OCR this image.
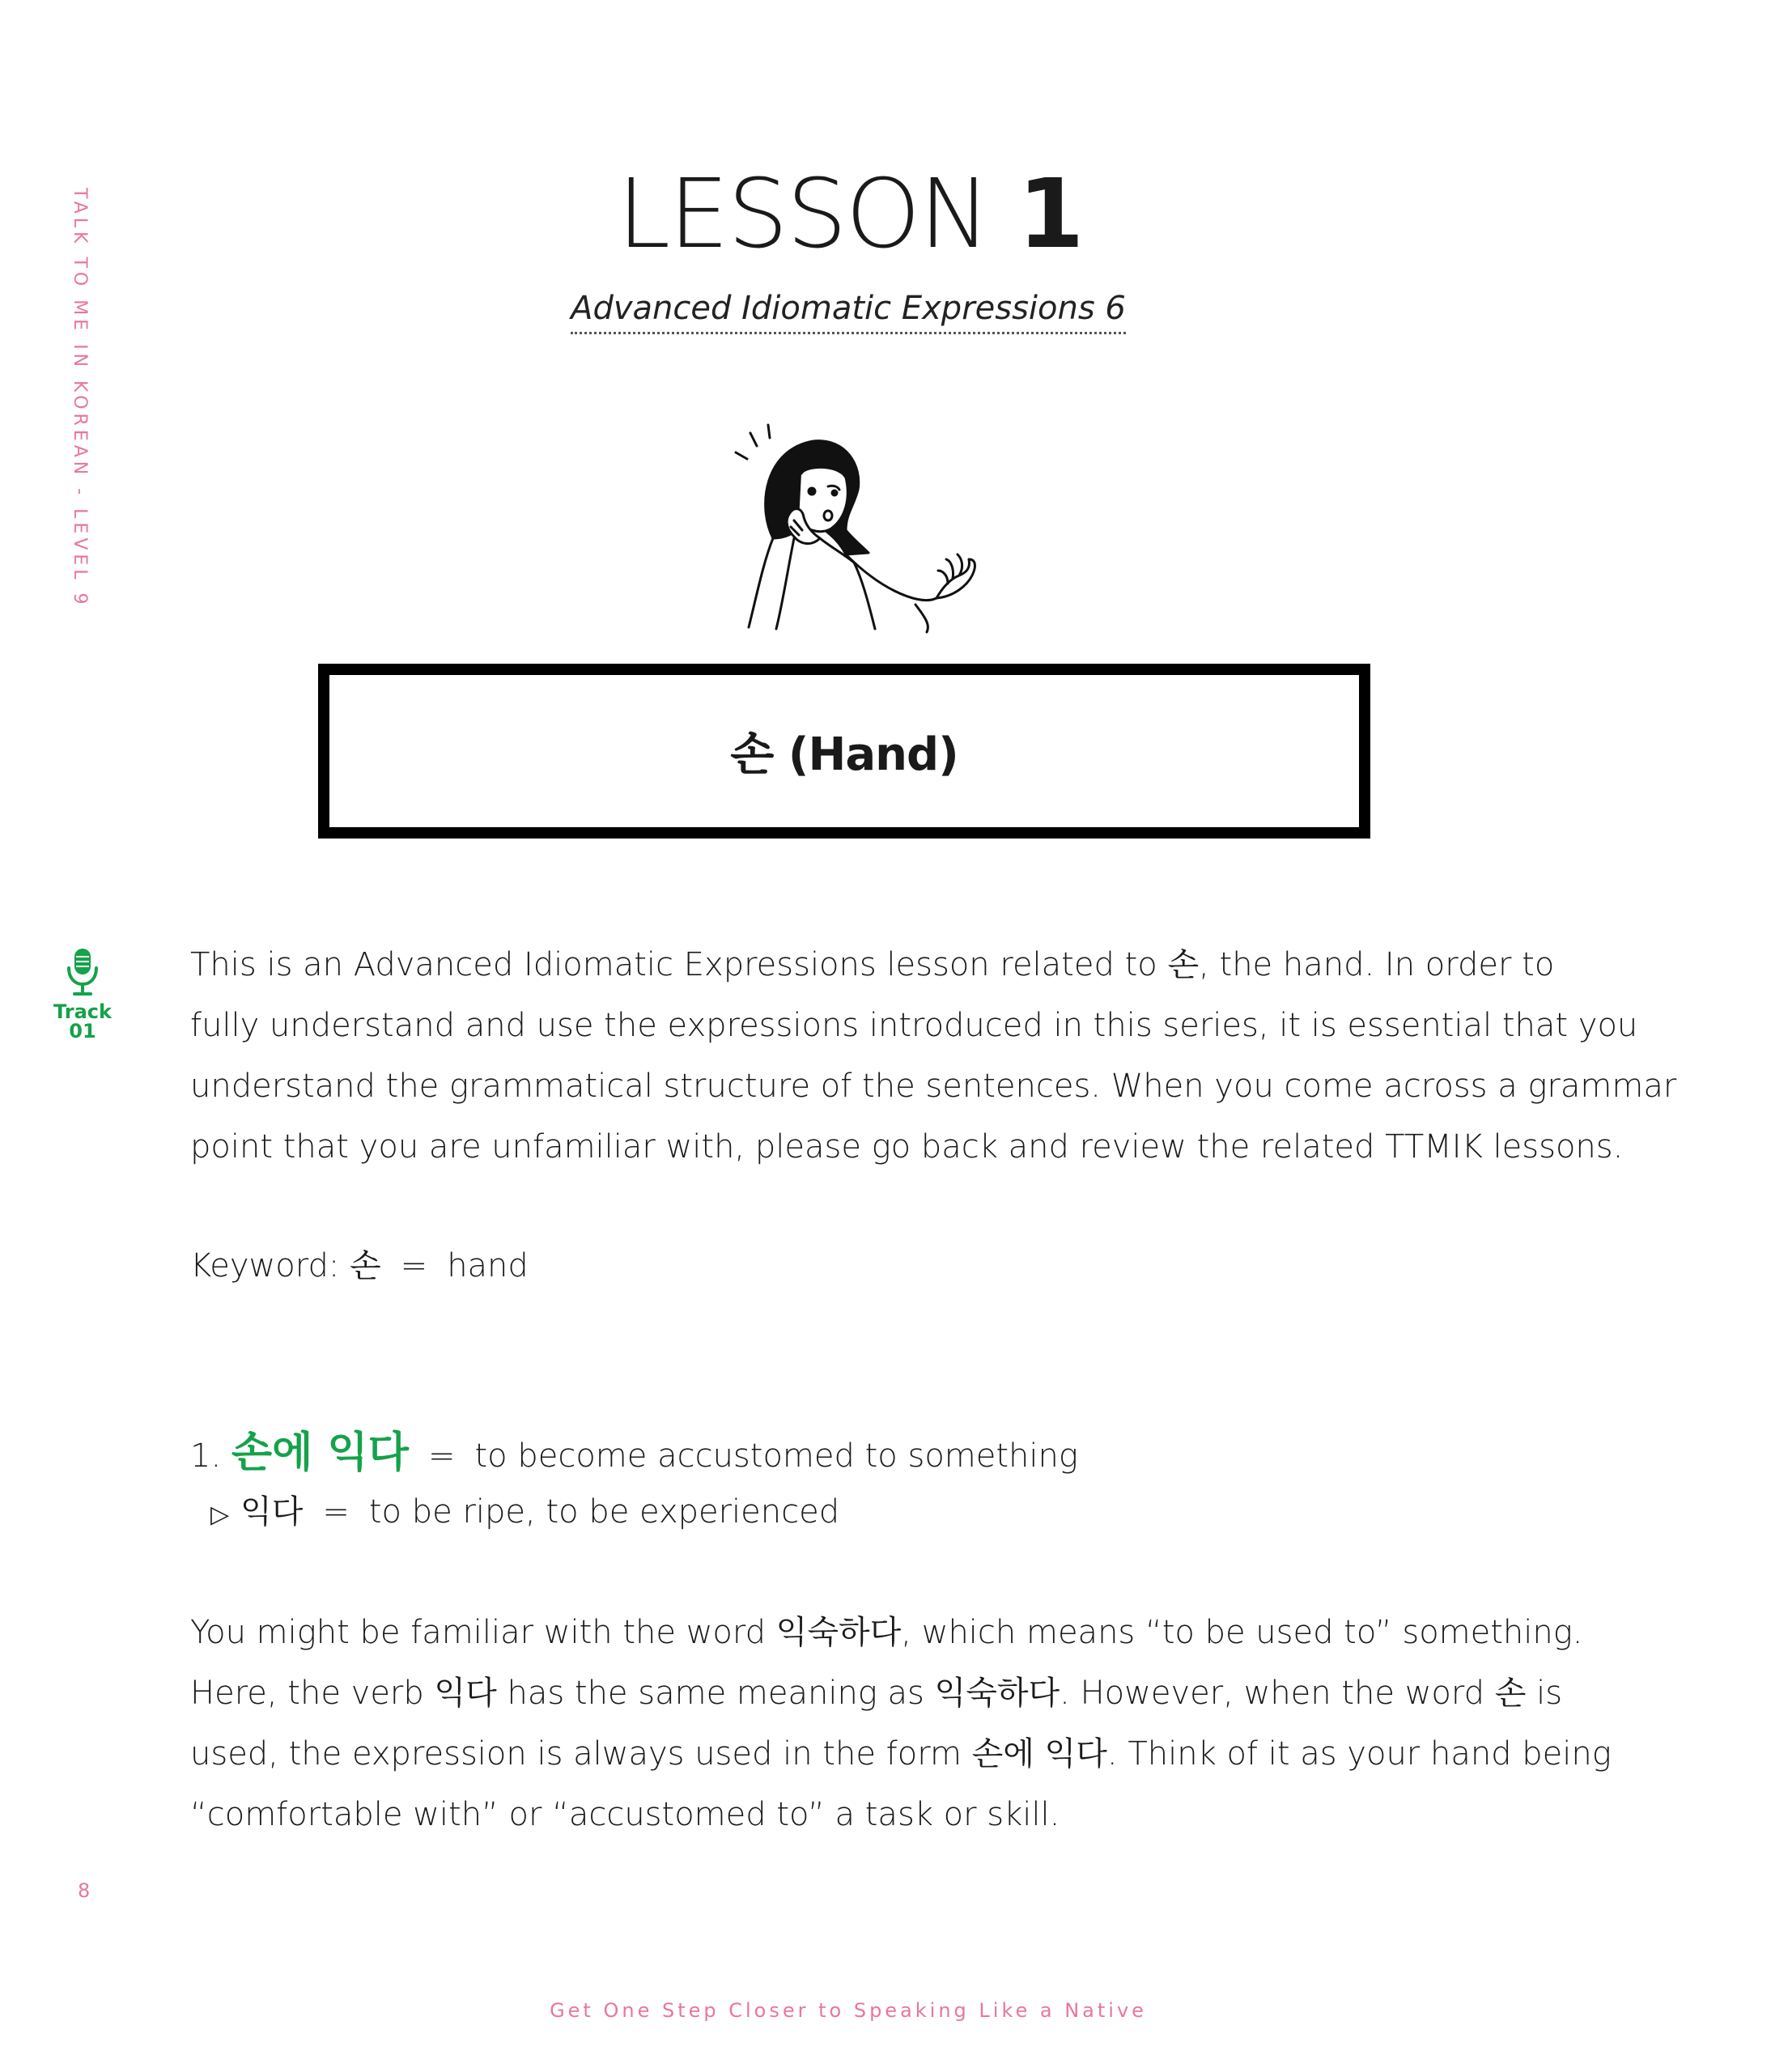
TALK TO ME IN KOREAN - LEVEL 9	LESSON 1
Advanced Idiomatic Expressions 6
손 (Hand)
Track
01

This is an Advanced Idiomatic Expressions lesson related to 손, the hand. In order to

fully understand and use the expressions introduced in this series, it is essential that you

understand the grammatical structure of the sentences. When you come across a grammar

point that you are unfamiliar with, please go back and review the related TTMIK lessons.

Keyword: 손 = hand
1. 손에 익다 = to become accustomed to something
▷ 익다 = to be ripe, to be experienced

You might be familiar with the word 익숙하다, which means “to be used to” something.

Here, the verb 익다 has the same meaning as 익숙하다. However, when the word 손 is

used, the expression is always used in the form 손에 익다. Think of it as your hand being

“comfortable with” or “accustomed to” a task or skill.

8
Get One Step Closer to Speaking Like a Native
